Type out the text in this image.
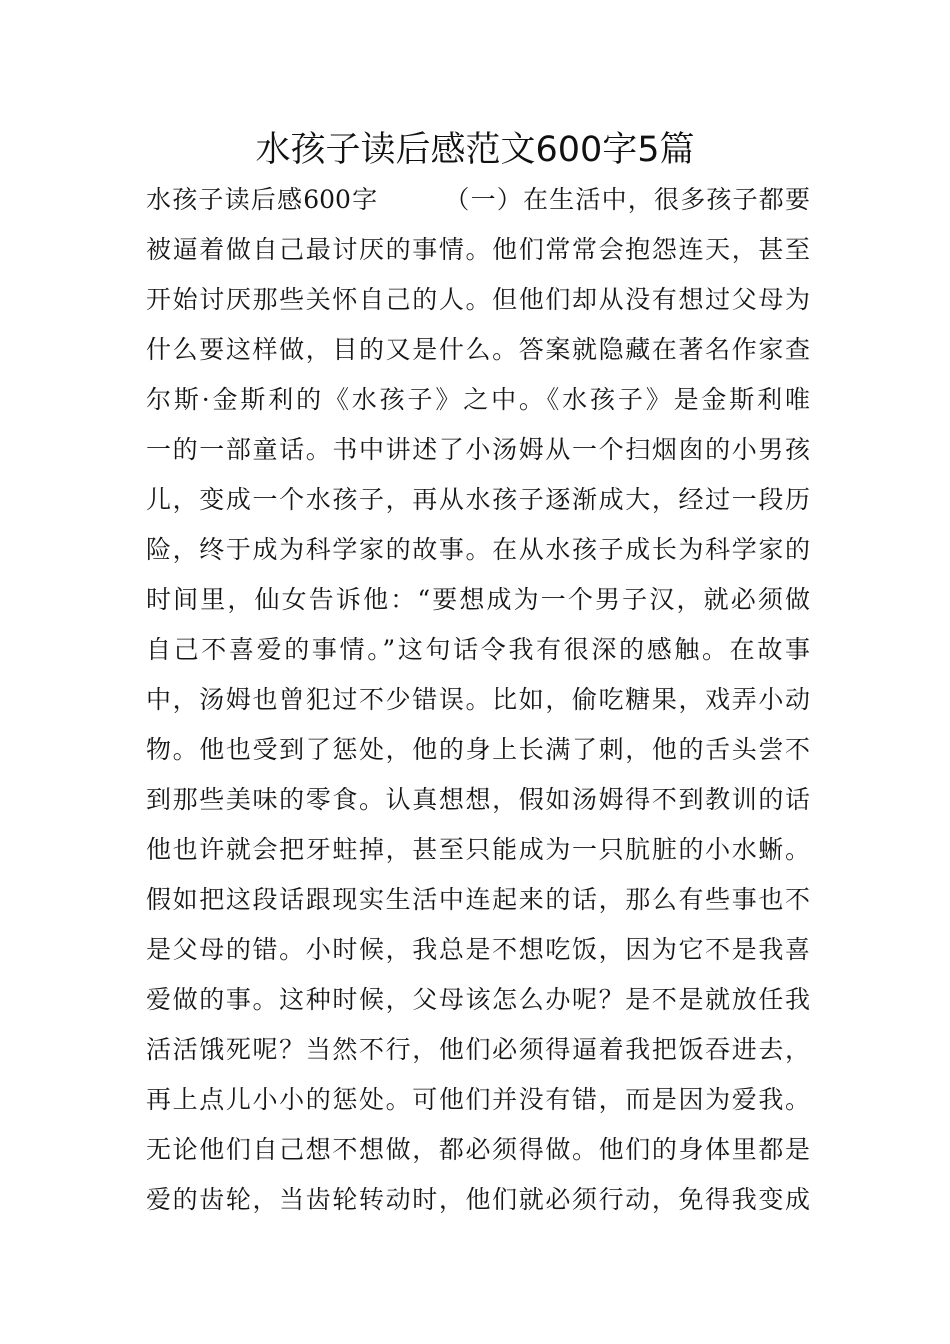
水孩子读后感范文600字5篇
水孩子读后感600字　　　（一）在生活中，很多孩子都要
被逼着做自己最讨厌的事情。他们常常会抱怨连天，甚至
开始讨厌那些关怀自己的人。但他们却从没有想过父母为
什么要这样做，目的又是什么。答案就隐藏在著名作家查
尔斯·金斯利的《水孩子》之中。《水孩子》是金斯利唯
一的一部童话。书中讲述了小汤姆从一个扫烟囱的小男孩
儿，变成一个水孩子，再从水孩子逐渐成大，经过一段历
险，终于成为科学家的故事。在从水孩子成长为科学家的
时间里，仙女告诉他：“要想成为一个男子汉，就必须做
自己不喜爱的事情。”这句话令我有很深的感触。在故事
中，汤姆也曾犯过不少错误。比如，偷吃糖果，戏弄小动
物。他也受到了惩处，他的身上长满了刺，他的舌头尝不
到那些美味的零食。认真想想，假如汤姆得不到教训的话
他也许就会把牙蛀掉，甚至只能成为一只肮脏的小水蜥。
假如把这段话跟现实生活中连起来的话，那么有些事也不
是父母的错。小时候，我总是不想吃饭，因为它不是我喜
爱做的事。这种时候，父母该怎么办呢？是不是就放任我
活活饿死呢？当然不行，他们必须得逼着我把饭吞进去，
再上点儿小小的惩处。可他们并没有错，而是因为爱我。
无论他们自己想不想做，都必须得做。他们的身体里都是
爱的齿轮，当齿轮转动时，他们就必须行动，免得我变成
